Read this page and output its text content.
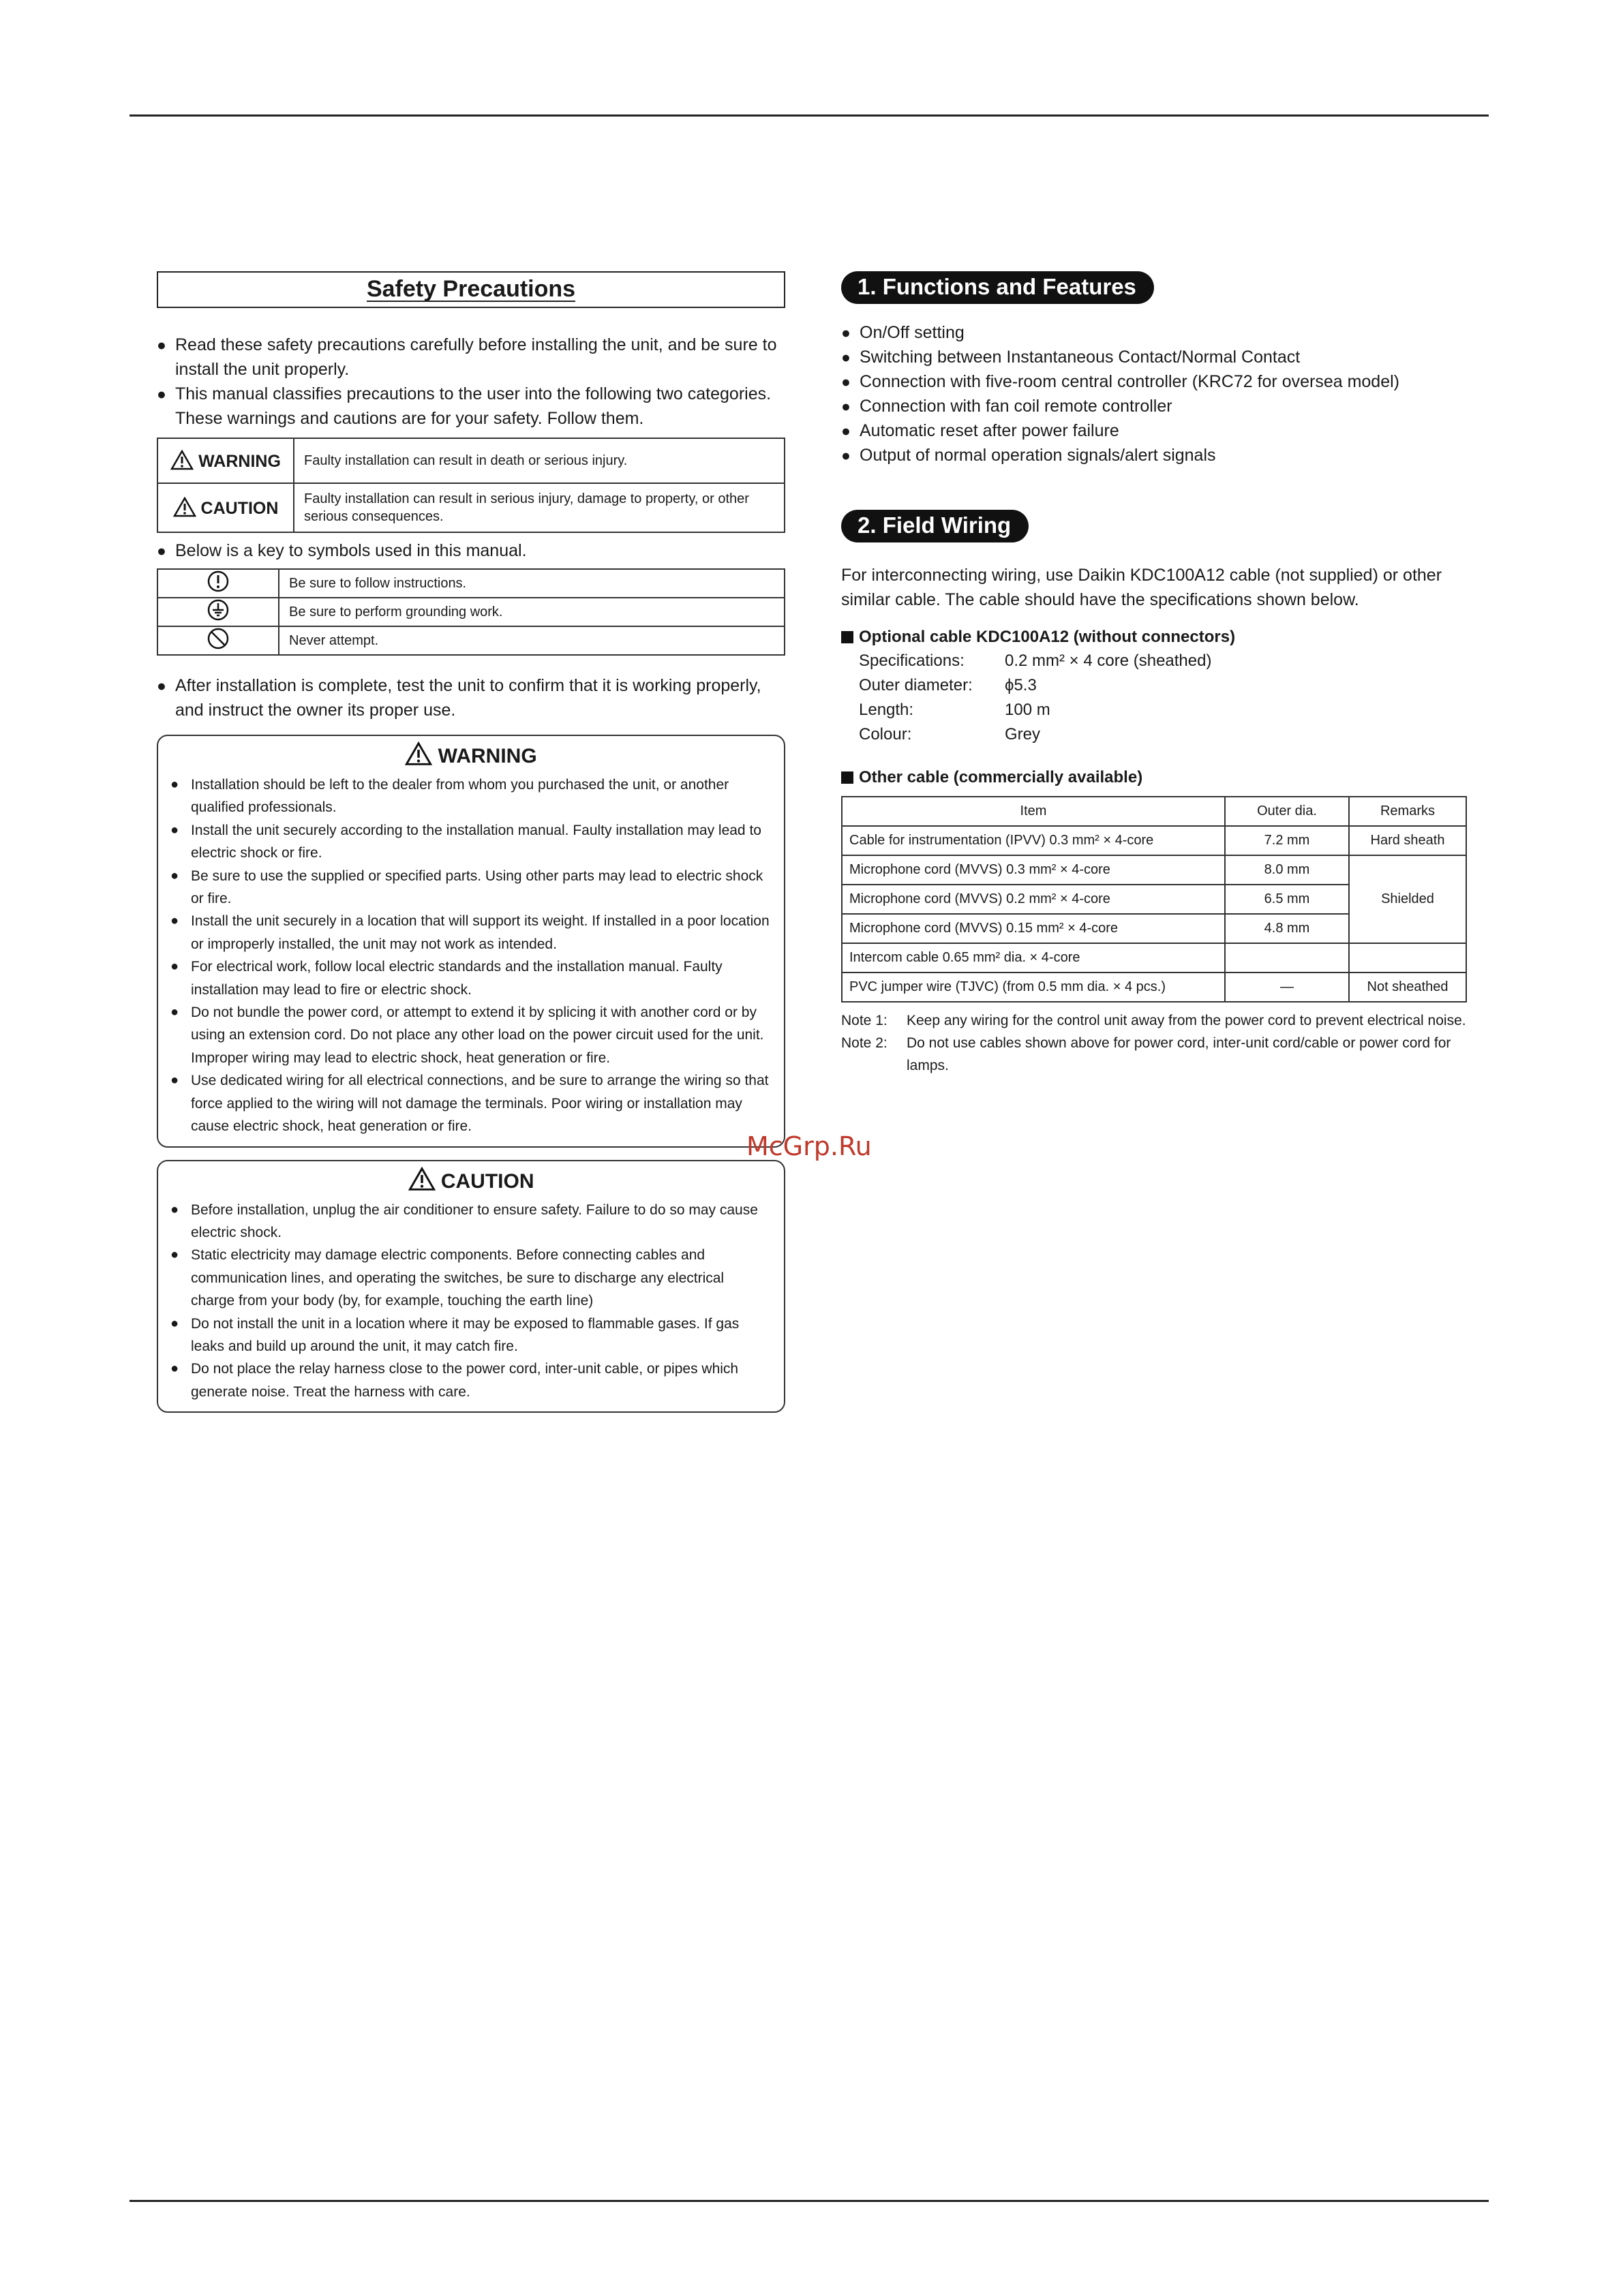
Safety Precautions

● Read these safety precautions carefully before installing the unit, and be sure to install the unit properly.

● This manual classifies precautions to the user into the following two categories. These warnings and cautions are for your safety. Follow them.

WARNING	Faulty installation can result in death or serious injury.
CAUTION	Faulty installation can result in serious injury, damage to property, or other serious consequences.

● Below is a key to symbols used in this manual.

	Be sure to follow instructions.
	Be sure to perform grounding work.
	Never attempt.

● After installation is complete, test the unit to confirm that it is working properly, and instruct the owner its proper use.

WARNING

● Installation should be left to the dealer from whom you purchased the unit, or another qualified professionals.

● Install the unit securely according to the installation manual. Faulty installation may lead to electric shock or fire.

● Be sure to use the supplied or specified parts. Using other parts may lead to electric shock or fire.

● Install the unit securely in a location that will support its weight. If installed in a poor location or improperly installed, the unit may not work as intended.

● For electrical work, follow local electric standards and the installation manual. Faulty installation may lead to fire or electric shock.

● Do not bundle the power cord, or attempt to extend it by splicing it with another cord or by using an extension cord. Do not place any other load on the power circuit used for the unit. Improper wiring may lead to electric shock, heat generation or fire.

● Use dedicated wiring for all electrical connections, and be sure to arrange the wiring so that force applied to the wiring will not damage the terminals. Poor wiring or installation may cause electric shock, heat generation or fire.

CAUTION

● Before installation, unplug the air conditioner to ensure safety. Failure to do so may cause electric shock.

● Static electricity may damage electric components. Before connecting cables and communication lines, and operating the switches, be sure to discharge any electrical charge from your body (by, for example, touching the earth line)

● Do not install the unit in a location where it may be exposed to flammable gases. If gas leaks and build up around the unit, it may catch fire.

● Do not place the relay harness close to the power cord, inter-unit cable, or pipes which generate noise. Treat the harness with care.

1. Functions and Features

● On/Off setting

● Switching between Instantaneous Contact/Normal Contact

● Connection with five-room central controller (KRC72 for oversea model)

● Connection with fan coil remote controller

● Automatic reset after power failure

● Output of normal operation signals/alert signals

2. Field Wiring

For interconnecting wiring, use Daikin KDC100A12 cable (not supplied) or other similar cable. The cable should have the specifications shown below.

Optional cable KDC100A12 (without connectors)

Specifications:	0.2 mm² × 4 core (sheathed)
Outer diameter:	ϕ5.3
Length:	100 m
Colour:	Grey

Other cable (commercially available)

Item	Outer dia.	Remarks
Cable for instrumentation (IPVV) 0.3 mm² × 4-core	7.2 mm	Hard sheath
Microphone cord (MVVS) 0.3 mm² × 4-core	8.0 mm	Shielded
Microphone cord (MVVS) 0.2 mm² × 4-core	6.5 mm	
Microphone cord (MVVS) 0.15 mm² × 4-core	4.8 mm	
Intercom cable 0.65 mm² dia. × 4-core		
PVC jumper wire (TJVC) (from 0.5 mm dia. × 4 pcs.)	—	Not sheathed
Note 1:	Keep any wiring for the control unit away from the power cord to prevent electrical noise.
Note 2:	Do not use cables shown above for power cord, inter-unit cord/cable or power cord for lamps.
McGrp.Ru
